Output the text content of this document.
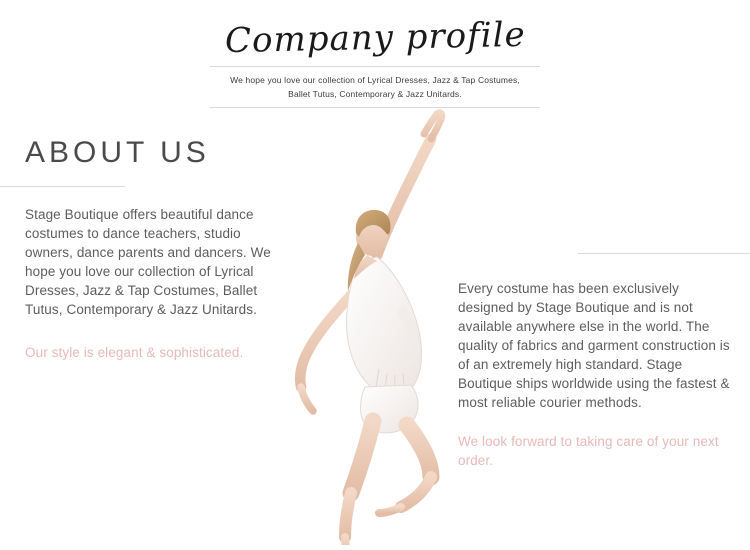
Company profile
We hope you love our collection of Lyrical Dresses, Jazz & Tap Costumes,
Ballet Tutus, Contemporary & Jazz Unitards.
ABOUT US
Stage Boutique offers beautiful dance costumes to dance teachers, studio owners, dance parents and dancers. We hope you love our collection of Lyrical Dresses, Jazz & Tap Costumes, Ballet Tutus, Contemporary & Jazz Unitards.
Our style is elegant & sophisticated.
Every costume has been exclusively designed by Stage Boutique and is not available anywhere else in the world. The quality of fabrics and garment construction is of an extremely high standard. Stage Boutique ships worldwide using the fastest & most reliable courier methods.
We look forward to taking care of your next order.
